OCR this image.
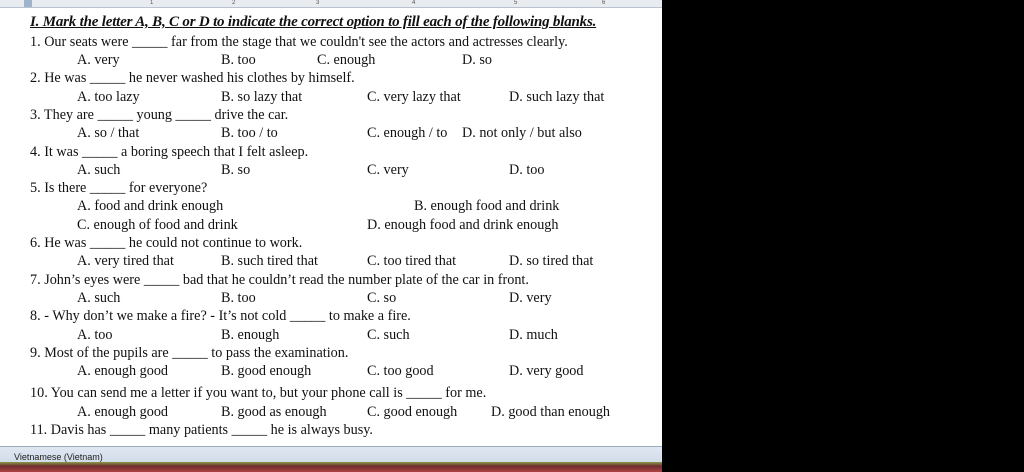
1	2	3	4	5	6
I. Mark the letter A, B, C or D to indicate the correct option to fill each of the following blanks.
1. Our seats were _____ far from the stage that we couldn't see the actors and actresses clearly.
A. very	B. too	C. enough	D. so
2. He was _____ he never washed his clothes by himself.
A. too lazy	B. so lazy that	C. very lazy that	D. such lazy that
3. They are _____ young _____ drive the car.
A. so / that	B. too / to	C. enough / to D. not only / but also
4. It was _____ a boring speech that I felt asleep.
A. such	B. so	C. very	D. too
5. Is there _____ for everyone?
A. food and drink enough	B. enough food and drink
C. enough of food and drink	D. enough food and drink enough
6. He was _____ he could not continue to work.
A. very tired that	B. such tired that	C. too tired that	D. so tired that
7. John’s eyes were _____ bad that he couldn’t read the number plate of the car in front.
A. such	B. too	C. so	D. very
8. - Why don’t we make a fire? - It’s not cold _____ to make a fire.
A. too	B. enough	C. such	D. much
9. Most of the pupils are _____ to pass the examination.
A. enough good	B. good enough	C. too good	D. very good
10. You can send me a letter if you want to, but your phone call is _____ for me.
A. enough good	B. good as enough	C. good enough D. good than enough
11. Davis has _____ many patients _____ he is always busy.
Vietnamese (Vietnam)
